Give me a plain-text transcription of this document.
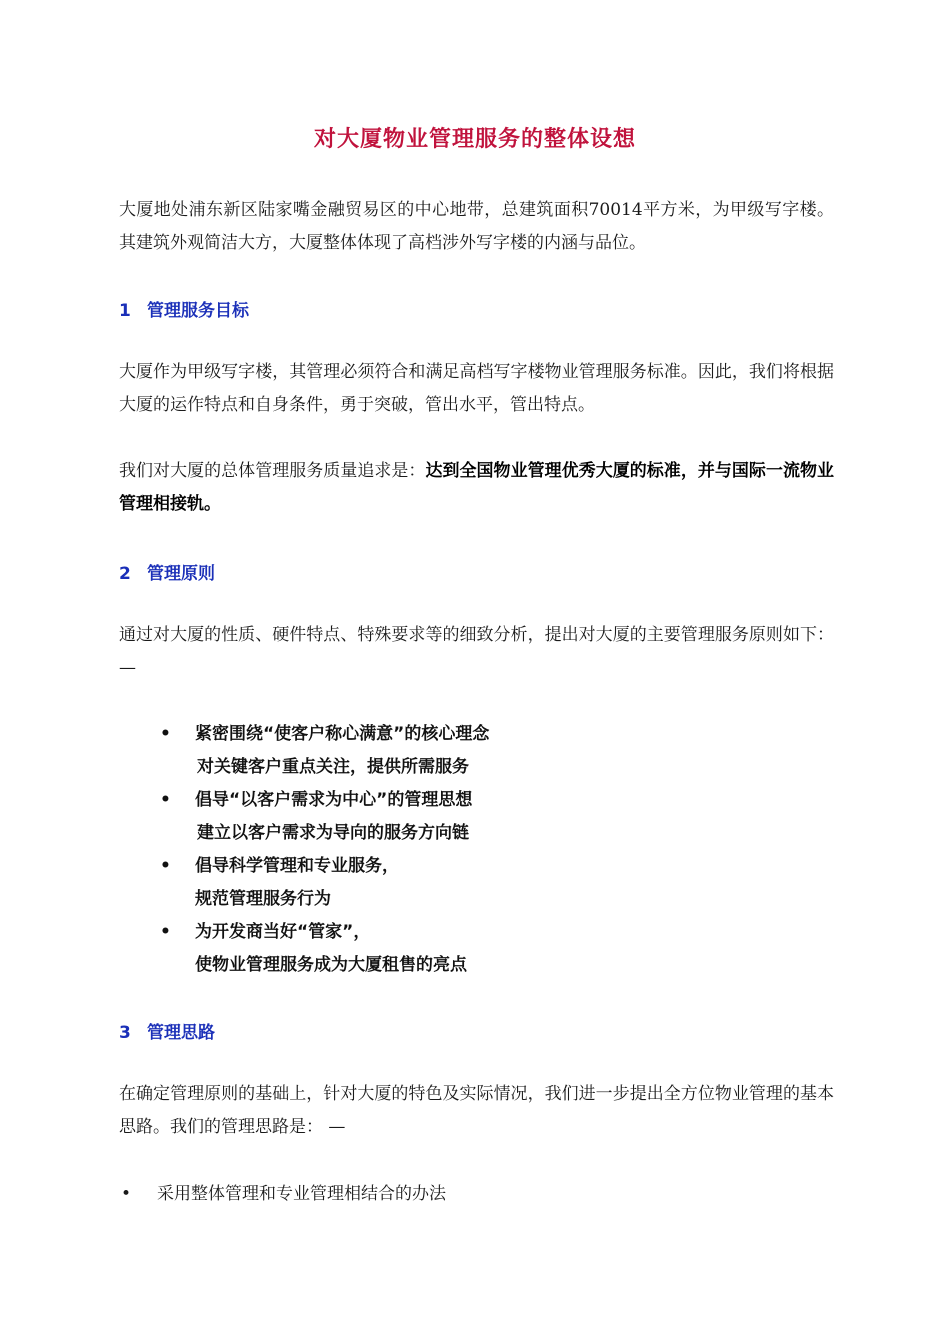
对大厦物业管理服务的整体设想
大厦地处浦东新区陆家嘴金融贸易区的中心地带，总建筑面积70014平方米，为甲级写字楼。其建筑外观简洁大方，大厦整体体现了高档涉外写字楼的内涵与品位。
1 管理服务目标
大厦作为甲级写字楼，其管理必须符合和满足高档写字楼物业管理服务标准。因此，我们将根据大厦的运作特点和自身条件，勇于突破，管出水平，管出特点。
我们对大厦的总体管理服务质量追求是：达到全国物业管理优秀大厦的标准，并与国际一流物业管理相接轨。
2 管理原则
通过对大厦的性质、硬件特点、特殊要求等的细致分析，提出对大厦的主要管理服务原则如下：—
•	紧密围绕“使客户称心满意”的核心理念
对关键客户重点关注，提供所需服务
•	倡导“以客户需求为中心”的管理思想
建立以客户需求为导向的服务方向链
•	倡导科学管理和专业服务，
规范管理服务行为
•	为开发商当好“管家”，
使物业管理服务成为大厦租售的亮点
3 管理思路
在确定管理原则的基础上，针对大厦的特色及实际情况，我们进一步提出全方位物业管理的基本思路。我们的管理思路是： —
• 采用整体管理和专业管理相结合的办法
